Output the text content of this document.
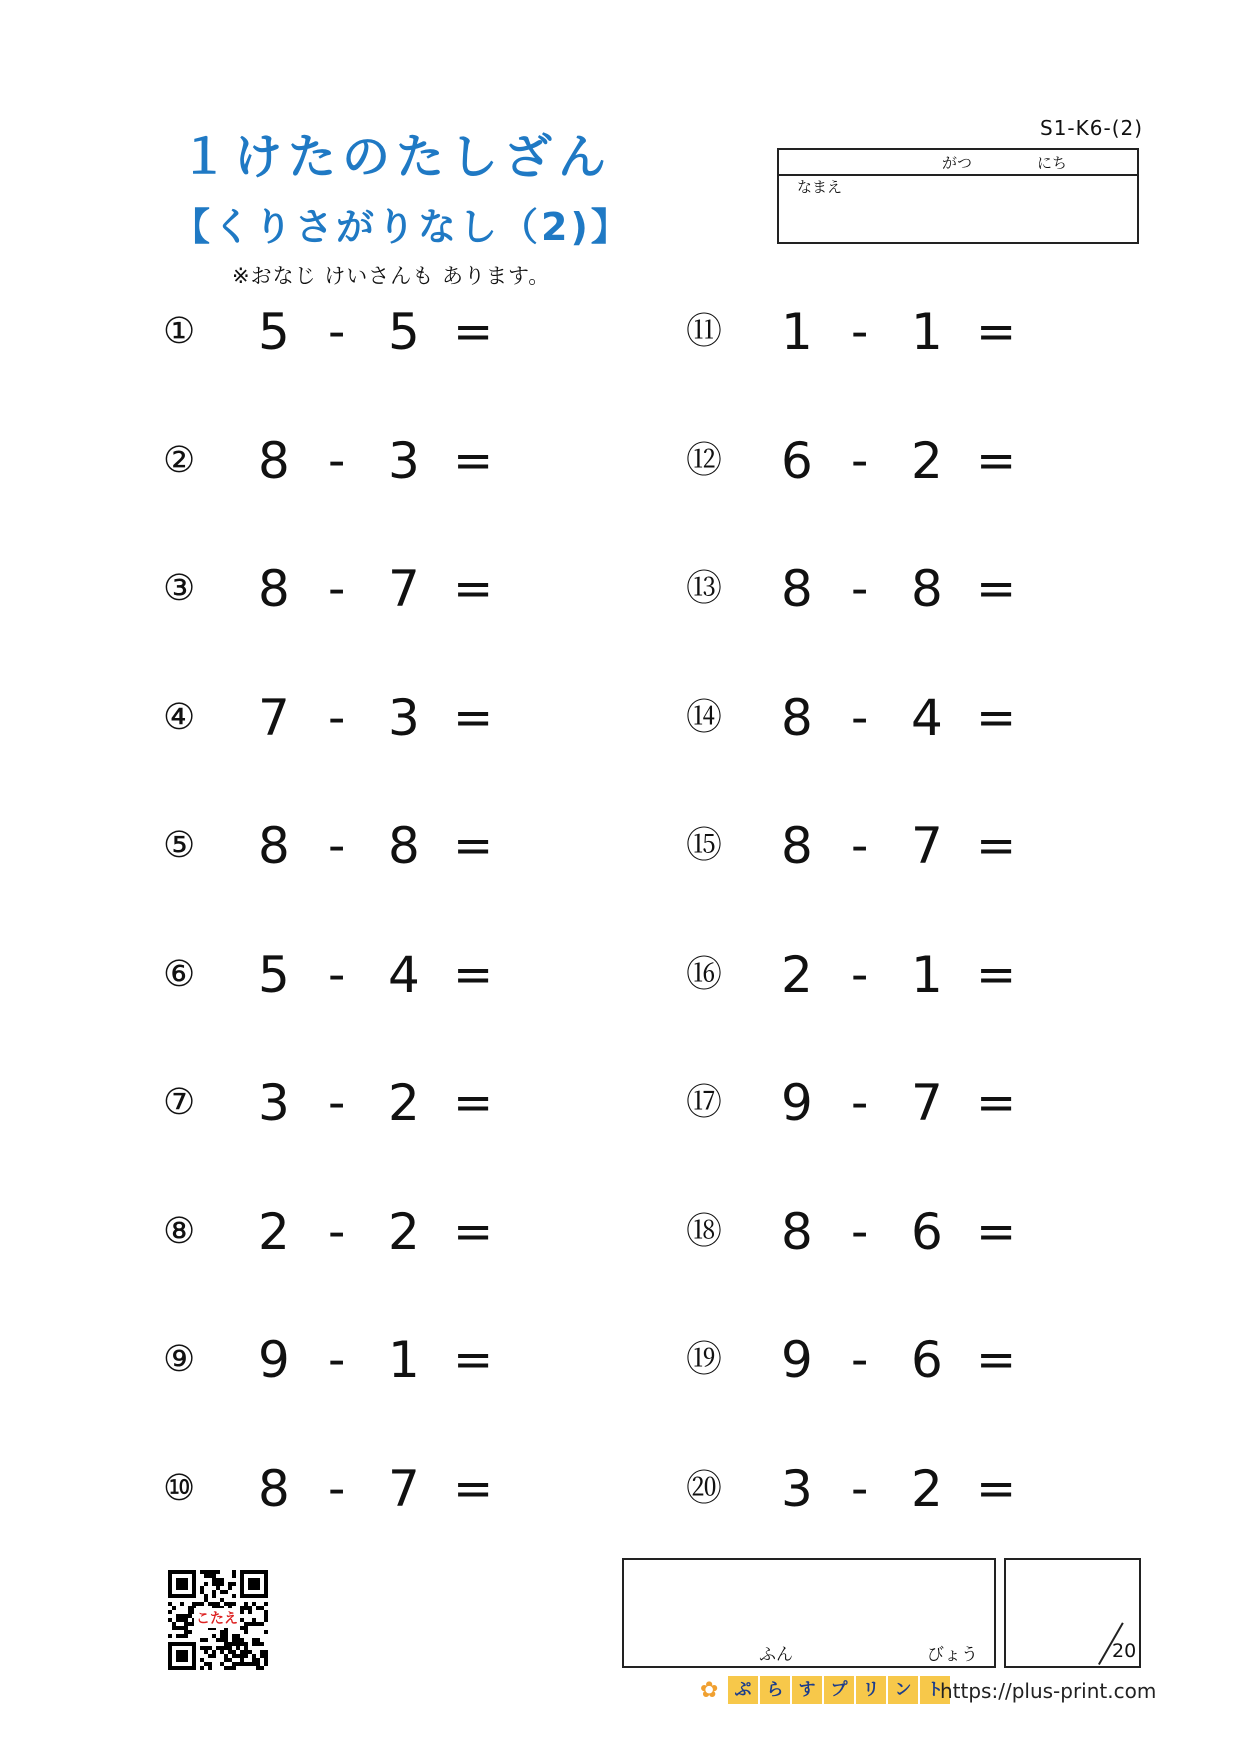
１けたのたしざん
【くりさがりなし（2)】
S1-K6-(2)
※おなじ けいさんも あります。
がつ	にち
なまえ
① 5 - 5 =
② 8 - 3 =
③ 8 - 7 =
④ 7 - 3 =
⑤ 8 - 8 =
⑥ 5 - 4 =
⑦ 3 - 2 =
⑧ 2 - 2 =
⑨ 9 - 1 =
⑩ 8 - 7 =
⑪ 1 - 1 =
⑫ 6 - 2 =
⑬ 8 - 8 =
⑭ 8 - 4 =
⑮ 8 - 7 =
⑯ 2 - 1 =
⑰ 9 - 7 =
⑱ 8 - 6 =
⑲ 9 - 6 =
⑳ 3 - 2 =
こたえ
ふん	びょう	20
✿ ぷ ら す プ リ ン ト
https://plus-print.com
